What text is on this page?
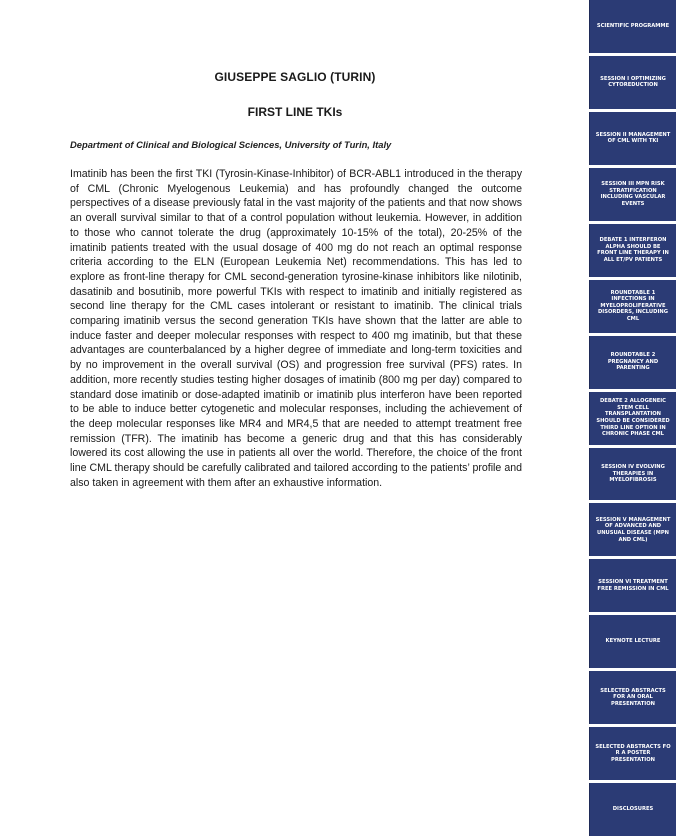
GIUSEPPE SAGLIO (TURIN)
FIRST LINE TKIs
Department of Clinical and Biological Sciences, University of Turin, Italy

Imatinib has been the first TKI (Tyrosin-Kinase-Inhibitor) of BCR-ABL1 introduced in the therapy of CML (Chronic Myelogenous Leukemia) and has profoundly changed the outcome perspectives of a disease previously fatal in the vast majority of the patients and that now shows an overall survival similar to that of a control population without leukemia. However, in addition to those who cannot tolerate the drug (approximately 10-15% of the total), 20-25% of the imatinib patients treated with the usual dosage of 400 mg do not reach an optimal response criteria according to the ELN (European Leukemia Net) recommendations. This has led to explore as front-line therapy for CML second-generation tyrosine-kinase inhibitors like nilotinib, dasatinib and bosutinib, more powerful TKIs with respect to imatinib and initially registered as second line therapy for the CML cases intolerant or resistant to imatinib. The clinical trials comparing imatinib versus the second generation TKIs have shown that the latter are able to induce faster and deeper molecular responses with respect to 400 mg imatinib, but that these advantages are counterbalanced by a higher degree of immediate and long-term toxicities and by no improvement in the overall survival (OS) and progression free survival (PFS) rates. In addition, more recently studies testing higher dosages of imatinib (800 mg per day) compared to standard dose imatinib or dose-adapted imatinib or imatinib plus interferon have been reported to be able to induce better cytogenetic and molecular responses, including the achievement of the deep molecular responses like MR4 and MR4,5 that are needed to attempt treatment free remission (TFR). The imatinib has become a generic drug and that this has considerably lowered its cost allowing the use in patients all over the world. Therefore, the choice of the front line CML therapy should be carefully calibrated and tailored according to the patients’ profile and also taken in agreement with them after an exhaustive information.

SCIENTIFIC PROGRAMME
SESSION I OPTIMIZING CYTOREDUCTION
SESSION II MANAGEMENT OF CML WITH TKI
SESSION III MPN RISK STRATIFICATION INCLUDING VASCULAR EVENTS
DEBATE 1 INTERFERON ALPHA SHOULD BE FRONT LINE THERAPY IN ALL ET/PV PATIENTS
ROUNDTABLE 1 INFECTIONS IN MYELOPROLIFERATIVE DISORDERS, INCLUDING CML
ROUNDTABLE 2 PREGNANCY AND PARENTING
DEBATE 2 ALLOGENEIC STEM CELL TRANSPLANTATION SHOULD BE CONSIDERED THIRD LINE OPTION IN CHRONIC PHASE CML
SESSION IV EVOLVING THERAPIES IN MYELOFIBROSIS
SESSION V MANAGEMENT OF ADVANCED AND UNUSUAL DISEASE (MPN AND CML)
SESSION VI TREATMENT FREE REMISSION IN CML
KEYNOTE LECTURE
SELECTED ABSTRACTS FOR AN ORAL PRESENTATION
SELECTED ABSTRACTS FO R A POSTER PRESENTATION
DISCLOSURES
